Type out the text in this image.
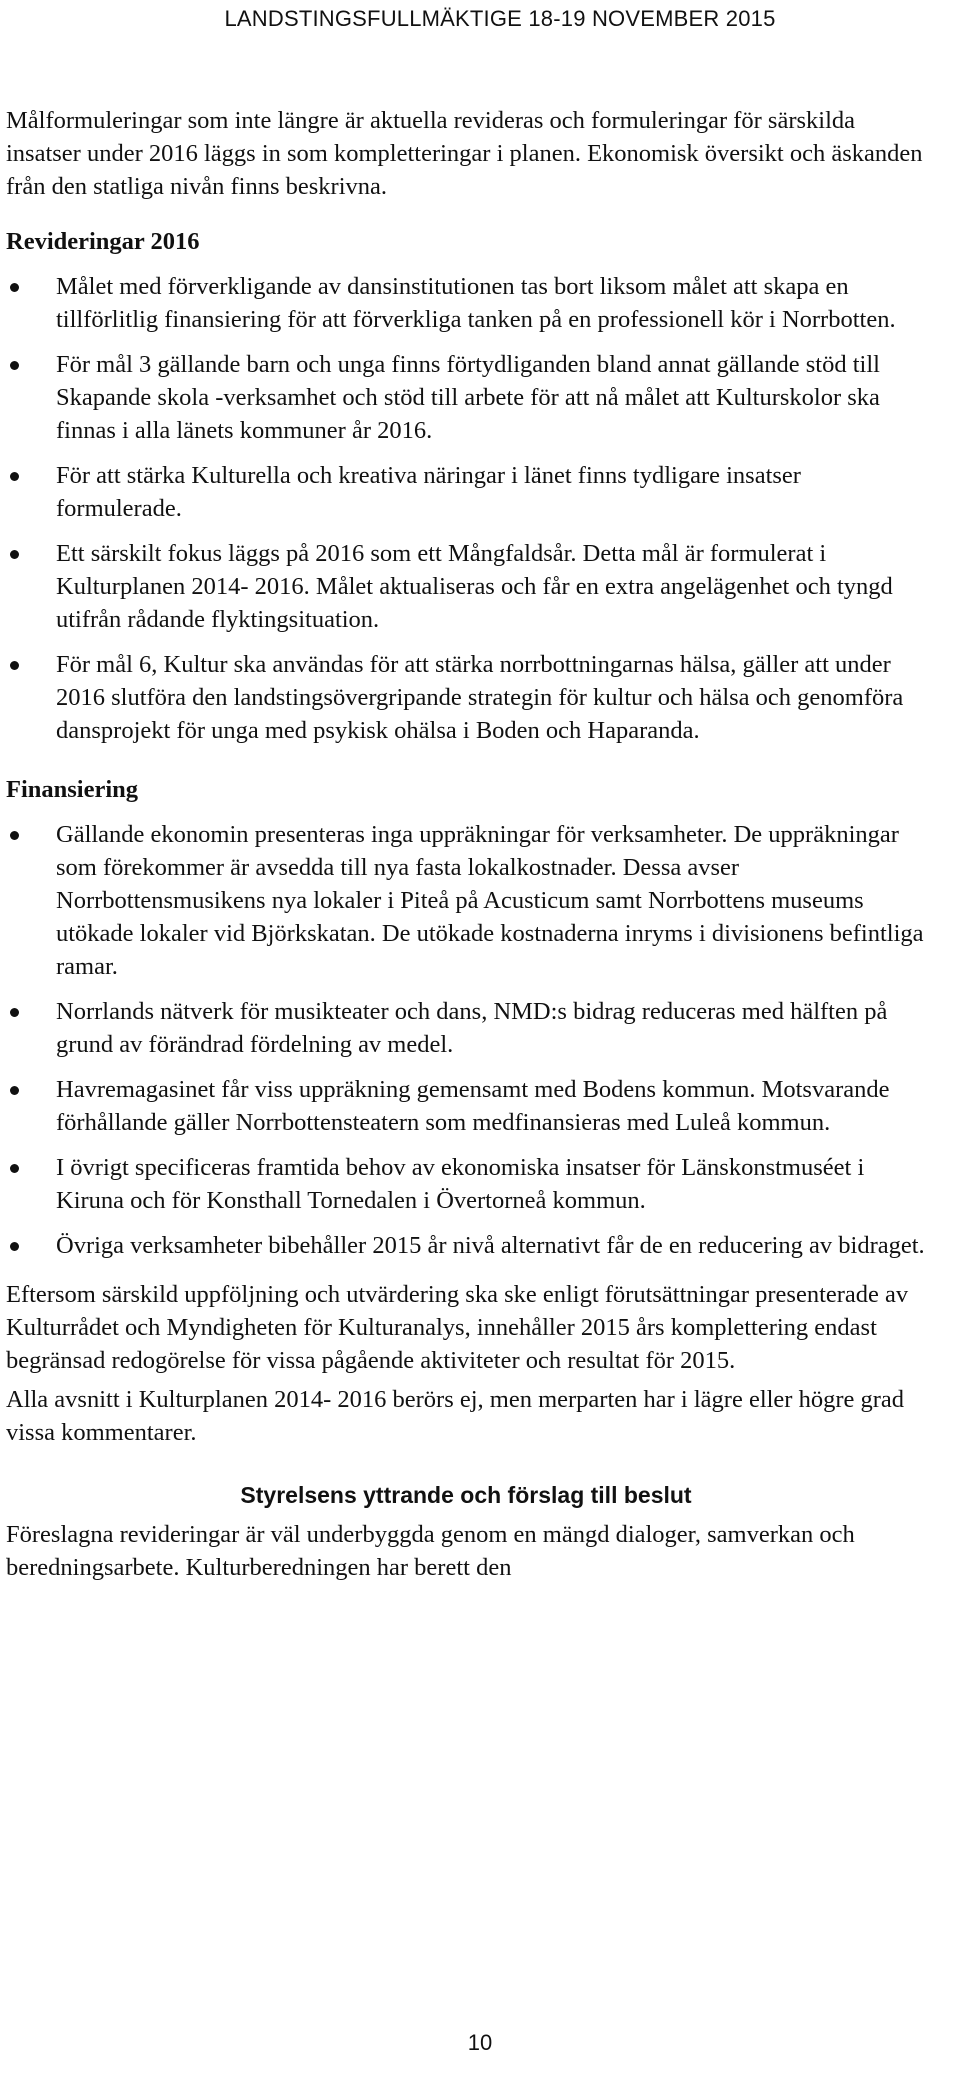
LANDSTINGSFULLMÄKTIGE 18-19 NOVEMBER 2015

Målformuleringar som inte längre är aktuella revideras och formuleringar för särskilda insatser under 2016 läggs in som kompletteringar i planen. Ekonomisk översikt och äskanden från den statliga nivån finns beskrivna.

Revideringar 2016

Målet med förverkligande av dansinstitutionen tas bort liksom målet att skapa en tillförlitlig finansiering för att förverkliga tanken på en professionell kör i Norrbotten.
För mål 3 gällande barn och unga finns förtydliganden bland annat gällande stöd till Skapande skola -verksamhet och stöd till arbete för att nå målet att Kulturskolor ska finnas i alla länets kommuner år 2016.
För att stärka Kulturella och kreativa näringar i länet finns tydligare insatser formulerade.
Ett särskilt fokus läggs på 2016 som ett Mångfaldsår. Detta mål är formulerat i Kulturplanen 2014- 2016. Målet aktualiseras och får en extra angelägenhet och tyngd utifrån rådande flyktingsituation.
För mål 6, Kultur ska användas för att stärka norrbottningarnas hälsa, gäller att under 2016 slutföra den landstingsövergripande strategin för kultur och hälsa och genomföra dansprojekt för unga med psykisk ohälsa i Boden och Haparanda.

Finansiering

Gällande ekonomin presenteras inga uppräkningar för verksamheter. De uppräkningar som förekommer är avsedda till nya fasta lokalkostnader. Dessa avser Norrbottensmusikens nya lokaler i Piteå på Acusticum samt Norrbottens museums utökade lokaler vid Björkskatan. De utökade kostnaderna inryms i divisionens befintliga ramar.
Norrlands nätverk för musikteater och dans, NMD:s bidrag reduceras med hälften på grund av förändrad fördelning av medel.
Havremagasinet får viss uppräkning gemensamt med Bodens kommun. Motsvarande förhållande gäller Norrbottensteatern som medfinansieras med Luleå kommun.
I övrigt specificeras framtida behov av ekonomiska insatser för Länskonstmuséet i Kiruna och för Konsthall Tornedalen i Övertorneå kommun.
Övriga verksamheter bibehåller 2015 år nivå alternativt får de en reducering av bidraget.

Eftersom särskild uppföljning och utvärdering ska ske enligt förutsättningar presenterade av Kulturrådet och Myndigheten för Kulturanalys, innehåller 2015 års komplettering endast begränsad redogörelse för vissa pågående aktiviteter och resultat för 2015.

Alla avsnitt i Kulturplanen 2014- 2016 berörs ej, men merparten har i lägre eller högre grad vissa kommentarer.

Styrelsens yttrande och förslag till beslut

Föreslagna revideringar är väl underbyggda genom en mängd dialoger, samverkan och beredningsarbete. Kulturberedningen har berett den

10
